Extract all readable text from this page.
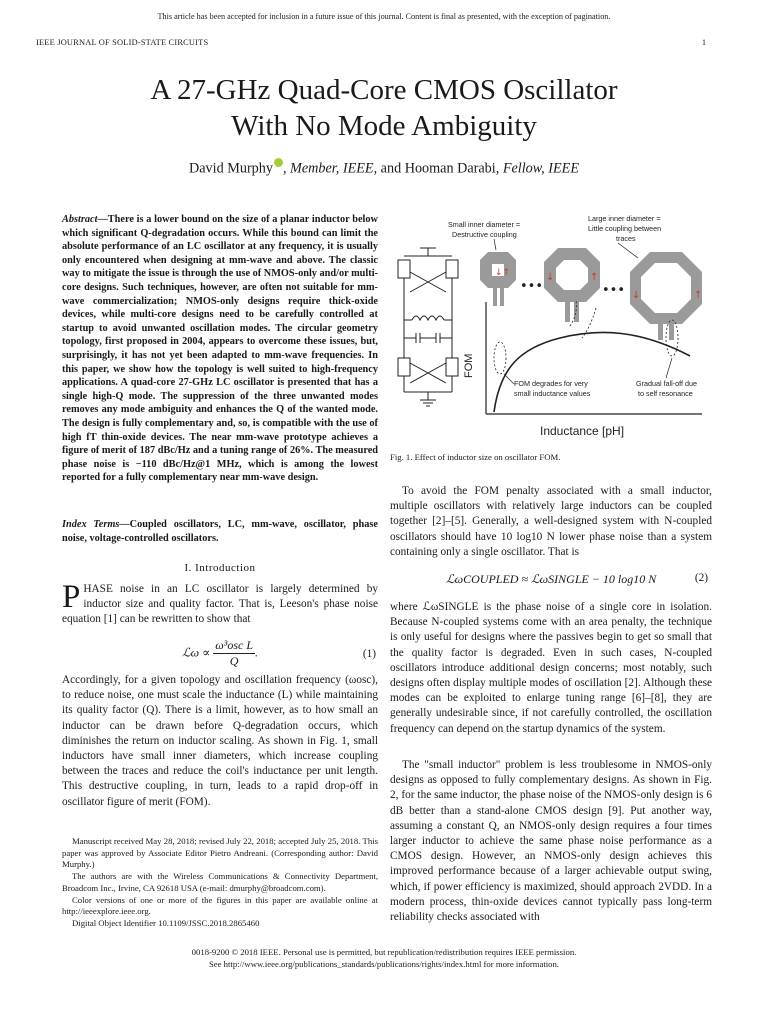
This article has been accepted for inclusion in a future issue of this journal. Content is final as presented, with the exception of pagination.
IEEE JOURNAL OF SOLID-STATE CIRCUITS	1
A 27-GHz Quad-Core CMOS Oscillator
With No Mode Ambiguity
David Murphy , Member, IEEE, and Hooman Darabi, Fellow, IEEE
Abstract—There is a lower bound on the size of a planar inductor below which significant Q-degradation occurs. While this bound can limit the absolute performance of an LC oscillator at any frequency, it is usually only encountered when designing at mm-wave and above. The classic way to mitigate the issue is through the use of NMOS-only and/or multi-core designs. Such techniques, however, are often not suitable for mm-wave commercialization; NMOS-only designs require thick-oxide devices, while multi-core designs need to be carefully controlled at startup to avoid unwanted oscillation modes. The circular geometry topology, first proposed in 2004, appears to overcome these issues, but, surprisingly, it has not yet been adapted to mm-wave frequencies. In this paper, we show how the topology is well suited to high-frequency applications. A quad-core 27-GHz LC oscillator is presented that has a single high-Q mode. The suppression of the three unwanted modes removes any mode ambiguity and enhances the Q of the wanted mode. The design is fully complementary and, so, is compatible with the use of high fT thin-oxide devices. The near mm-wave prototype achieves a figure of merit of 187 dBc/Hz and a tuning range of 26%. The measured phase noise is −110 dBc/Hz@1 MHz, which is among the lowest reported for a fully complementary near mm-wave design.
Index Terms—Coupled oscillators, LC, mm-wave, oscillator, phase noise, voltage-controlled oscillators.
I. Introduction
PHASE noise in an LC oscillator is largely determined by inductor size and quality factor. That is, Leeson's phase noise equation [1] can be rewritten to show that
ℒω ∝ $\frac{\text{ω³osc L}}{Q}$ .	(1)
Accordingly, for a given topology and oscillation frequency (ωosc), to reduce noise, one must scale the inductance (L) while maintaining its quality factor (Q). There is a limit, however, as to how small an inductor can be drawn before Q-degradation occurs, which diminishes the return on inductor scaling. As shown in Fig. 1, small inductors have small inner diameters, which increase coupling between the traces and reduce the coil's inductance per unit length. This destructive coupling, in turn, leads to a rapid drop-off in oscillator figure of merit (FOM).

Manuscript received May 28, 2018; revised July 22, 2018; accepted July 25, 2018. This paper was approved by Associate Editor Pietro Andreani. (Corresponding author: David Murphy.)

The authors are with the Wireless Communications & Connectivity Department, Broadcom Inc., Irvine, CA 92618 USA (e-mail: dmurphy@broadcom.com).

Color versions of one or more of the figures in this paper are available online at http://ieeexplore.ieee.org.

Digital Object Identifier 10.1109/JSSC.2018.2865460

↓↑
•••
↓	↑
••• ↓	↑
Small inner diameter =
Destructive coupling
Large inner diameter =
Little coupling between
traces
FOM
Inductance [pH]
FOM degrades for very
small inductance values
Gradual fall-off due
to self resonance
Fig. 1. Effect of inductor size on oscillator FOM.
To avoid the FOM penalty associated with a small inductor, multiple oscillators with relatively large inductors can be coupled together [2]–[5]. Generally, a well-designed system with N-coupled oscillators should have 10 log10 N lower phase noise than a system containing only a single oscillator. That is
ℒωCOUPLED ≈ ℒωSINGLE − 10 log10 N	(2)
where ℒωSINGLE is the phase noise of a single core in isolation. Because N-coupled systems come with an area penalty, the technique is only useful for designs where the passives begin to get so small that the quality factor is degraded. Even in such cases, N-coupled oscillators introduce additional design concerns; most notably, such designs often display multiple modes of oscillation [2]. Although these modes can be exploited to enlarge tuning range [6]–[8], they are generally undesirable since, if not carefully controlled, the oscillation frequency can depend on the startup dynamics of the system.
The "small inductor" problem is less troublesome in NMOS-only designs as opposed to fully complementary designs. As shown in Fig. 2, for the same inductor, the phase noise of the NMOS-only design is 6 dB better than a stand-alone CMOS design [9]. Put another way, assuming a constant Q, an NMOS-only design requires a four times larger inductor to achieve the same phase noise performance as a CMOS design. However, an NMOS-only design achieves this improved performance because of a larger achievable output swing, which, if power efficiency is maximized, should approach 2VDD. In a modern process, thin-oxide devices cannot typically pass long-term reliability checks associated with
0018-9200 © 2018 IEEE. Personal use is permitted, but republication/redistribution requires IEEE permission.
See http://www.ieee.org/publications_standards/publications/rights/index.html for more information.
